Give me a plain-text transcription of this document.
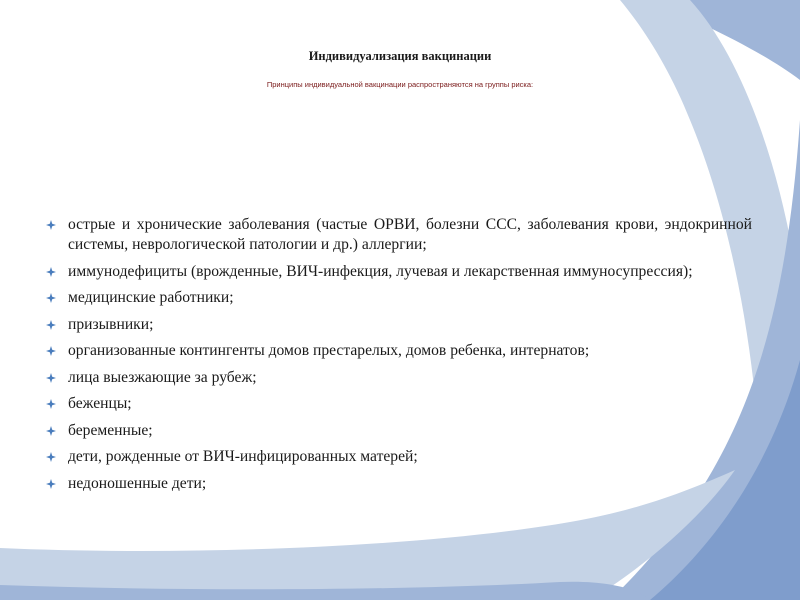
Индивидуализация вакцинации
Принципы индивидуальной вакцинации распространяются на группы риска:
острые и хронические заболевания (частые ОРВИ, болезни ССС, заболевания крови, эндокринной системы, неврологической патологии и др.) аллергии;
иммунодефициты (врожденные, ВИЧ-инфекция, лучевая и лекарственная иммуносупрессия);
медицинские работники;
призывники;
организованные контингенты домов престарелых, домов ребенка, интернатов;
лица выезжающие за рубеж;
беженцы;
беременные;
дети, рожденные от ВИЧ-инфицированных матерей;
недоношенные дети;
